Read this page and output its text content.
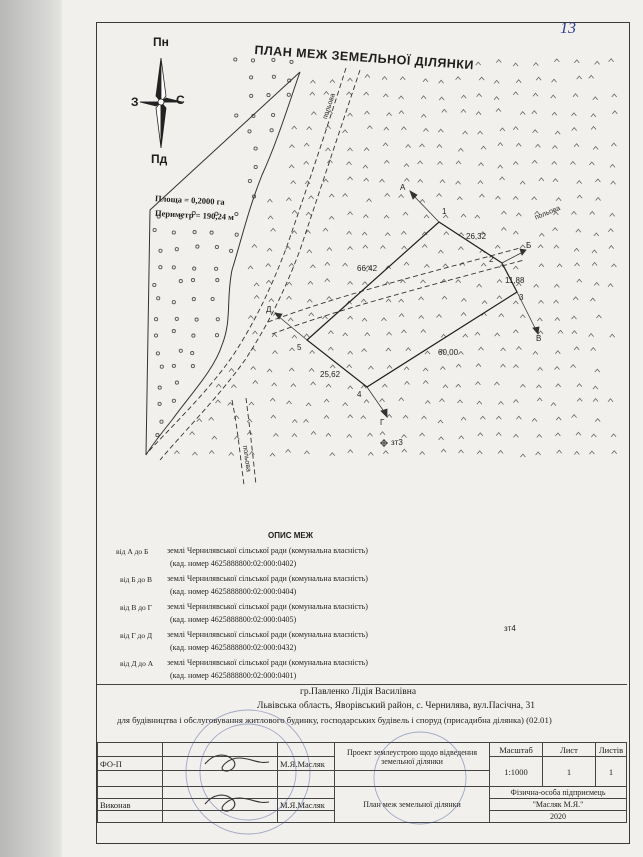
13
ПЛАН МЕЖ ЗЕМЕЛЬНОЇ ДІЛЯНКИ
Пн
Пд
З	С
Площа = 0,2000 га
Периметр = 190,24 м
польова
польова
польова
1
2
3
4
5
А
Б
В
Г
Д
66,42
26,32
11,88
60,00
25,62
зт3
зт4
ОПИС МЕЖ
від А до Б землі Чернилявської сільської ради (комунальна власність)
(кад. номер 4625888800:02:000:0402)
від Б до В землі Чернилявської сільської ради (комунальна власність)
(кад. номер 4625888800:02:000:0404)
від В до Г землі Чернилявської сільської ради (комунальна власність)
(кад. номер 4625888800:02:000:0405)
від Г до Д землі Чернилявської сільської ради (комунальна власність)
(кад. номер 4625888800:02:000:0432)
від Д до А землі Чернилявської сільської ради (комунальна власність)
(кад. номер 4625888800:02:000:0401)
гр.Павленко Лідія Василівна
Львівська область, Яворівський район, с. Чернилява, вул.Пасічна, 31
для будівництва і обслуговування житлового будинку, господарських будівель і споруд (присадибна ділянка) (02.01)
			Проект землеустрою щодо відведення земельної ділянки	Масштаб	Лист	Листів
ФО-П		М.Я.Масляк		1:1000	1	1

			План меж земельної ділянки	Фізична-особа підприємець		
Виконав		М.Я.Масляк		"Масляк М.Я."		
				2020		
